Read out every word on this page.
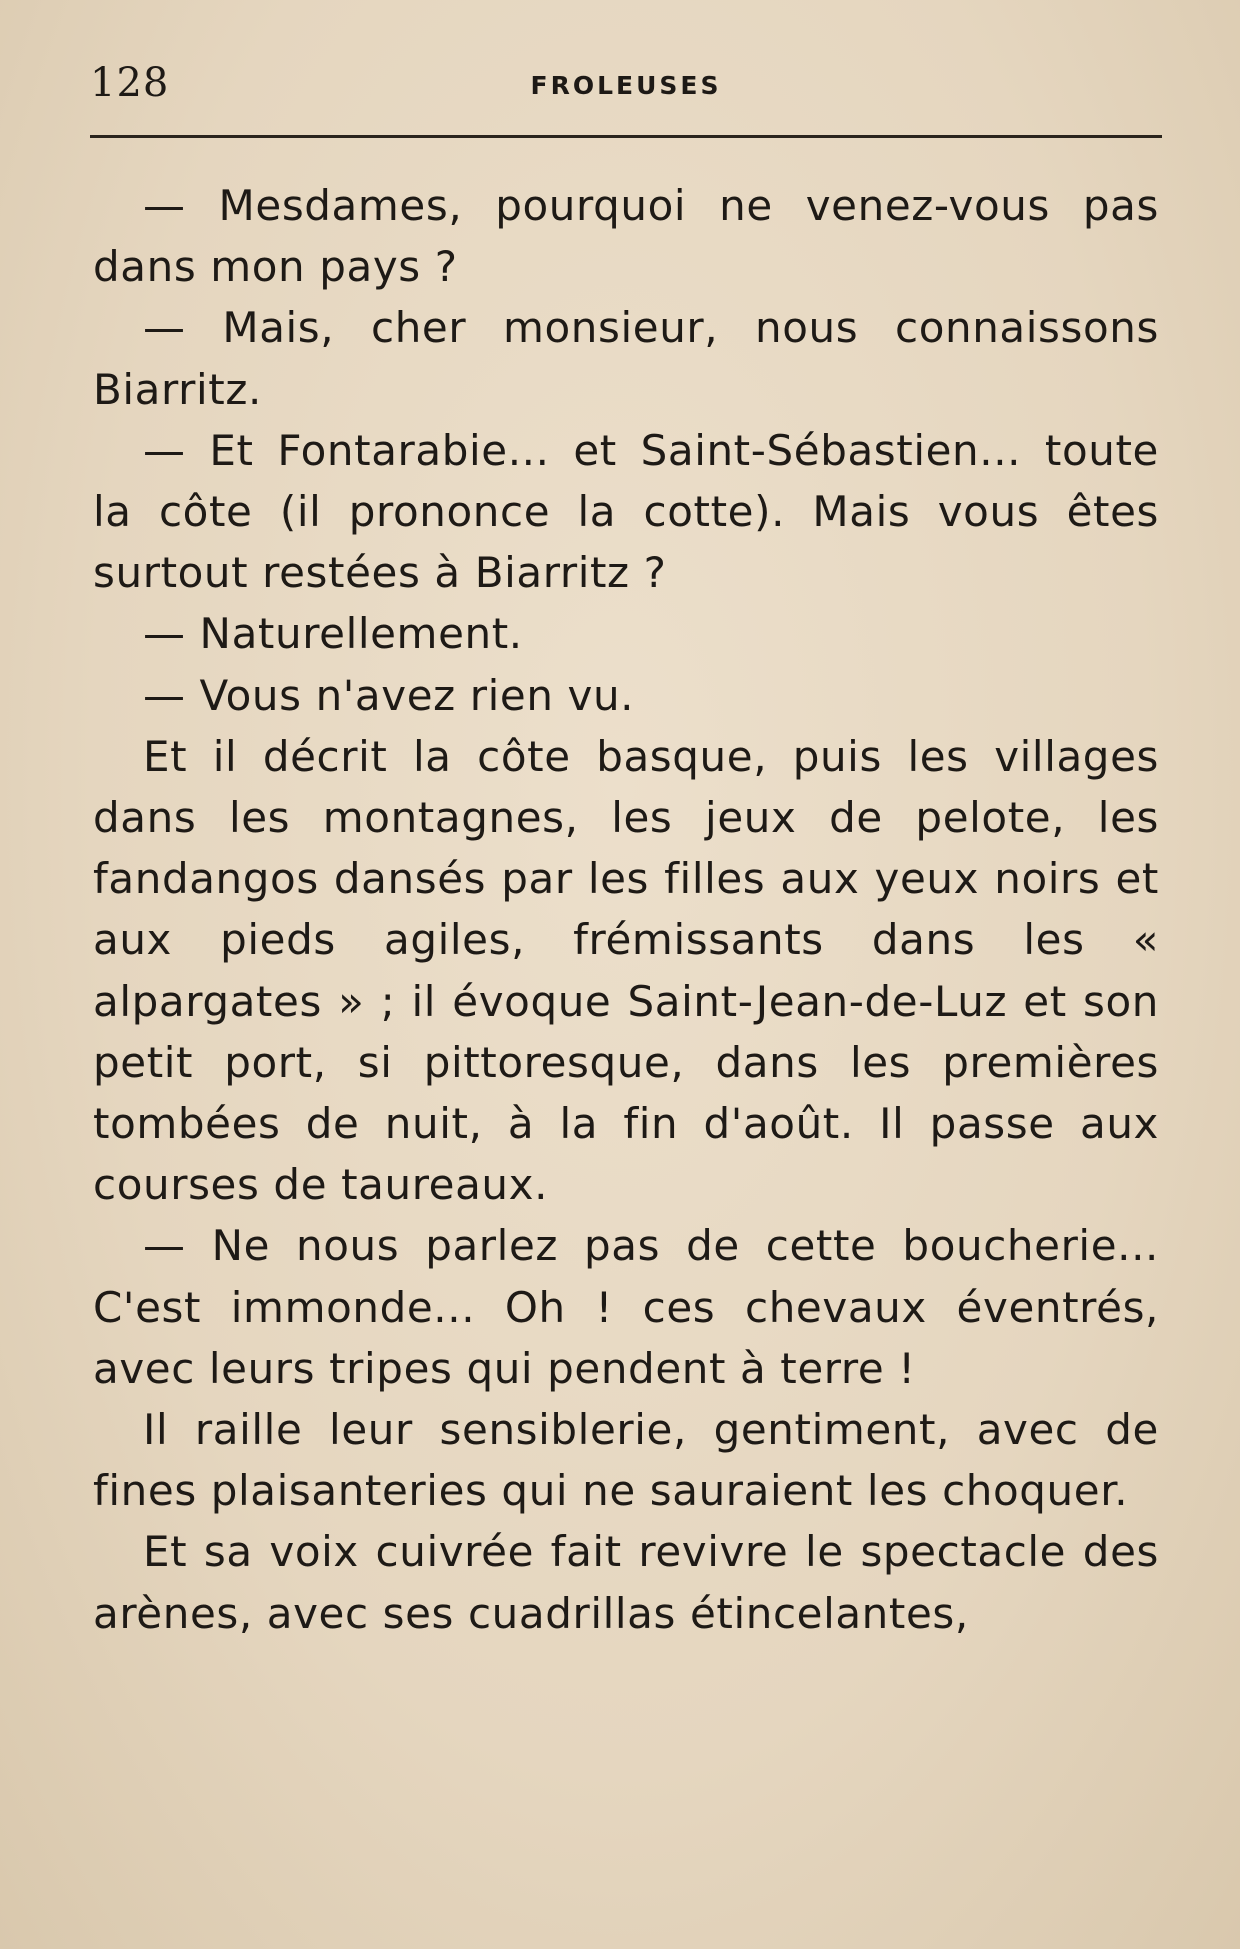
128	FROLEUSES

— Mesdames, pourquoi ne venez-vous pas dans mon pays ?

— Mais, cher monsieur, nous connaissons Biarritz.

— Et Fontarabie... et Saint-Sébastien... toute la côte (il prononce la cotte). Mais vous êtes surtout restées à Biarritz ?

— Naturellement.

— Vous n'avez rien vu.

Et il décrit la côte basque, puis les villages dans les montagnes, les jeux de pelote, les fandangos dansés par les filles aux yeux noirs et aux pieds agiles, frémissants dans les « alpargates » ; il évoque Saint-Jean-de-Luz et son petit port, si pittoresque, dans les premières tombées de nuit, à la fin d'août. Il passe aux courses de taureaux.

— Ne nous parlez pas de cette boucherie... C'est immonde... Oh ! ces chevaux éventrés, avec leurs tripes qui pendent à terre !

Il raille leur sensiblerie, gentiment, avec de fines plaisanteries qui ne sauraient les choquer.

Et sa voix cuivrée fait revivre le spectacle des arènes, avec ses cuadrillas étincelantes,
